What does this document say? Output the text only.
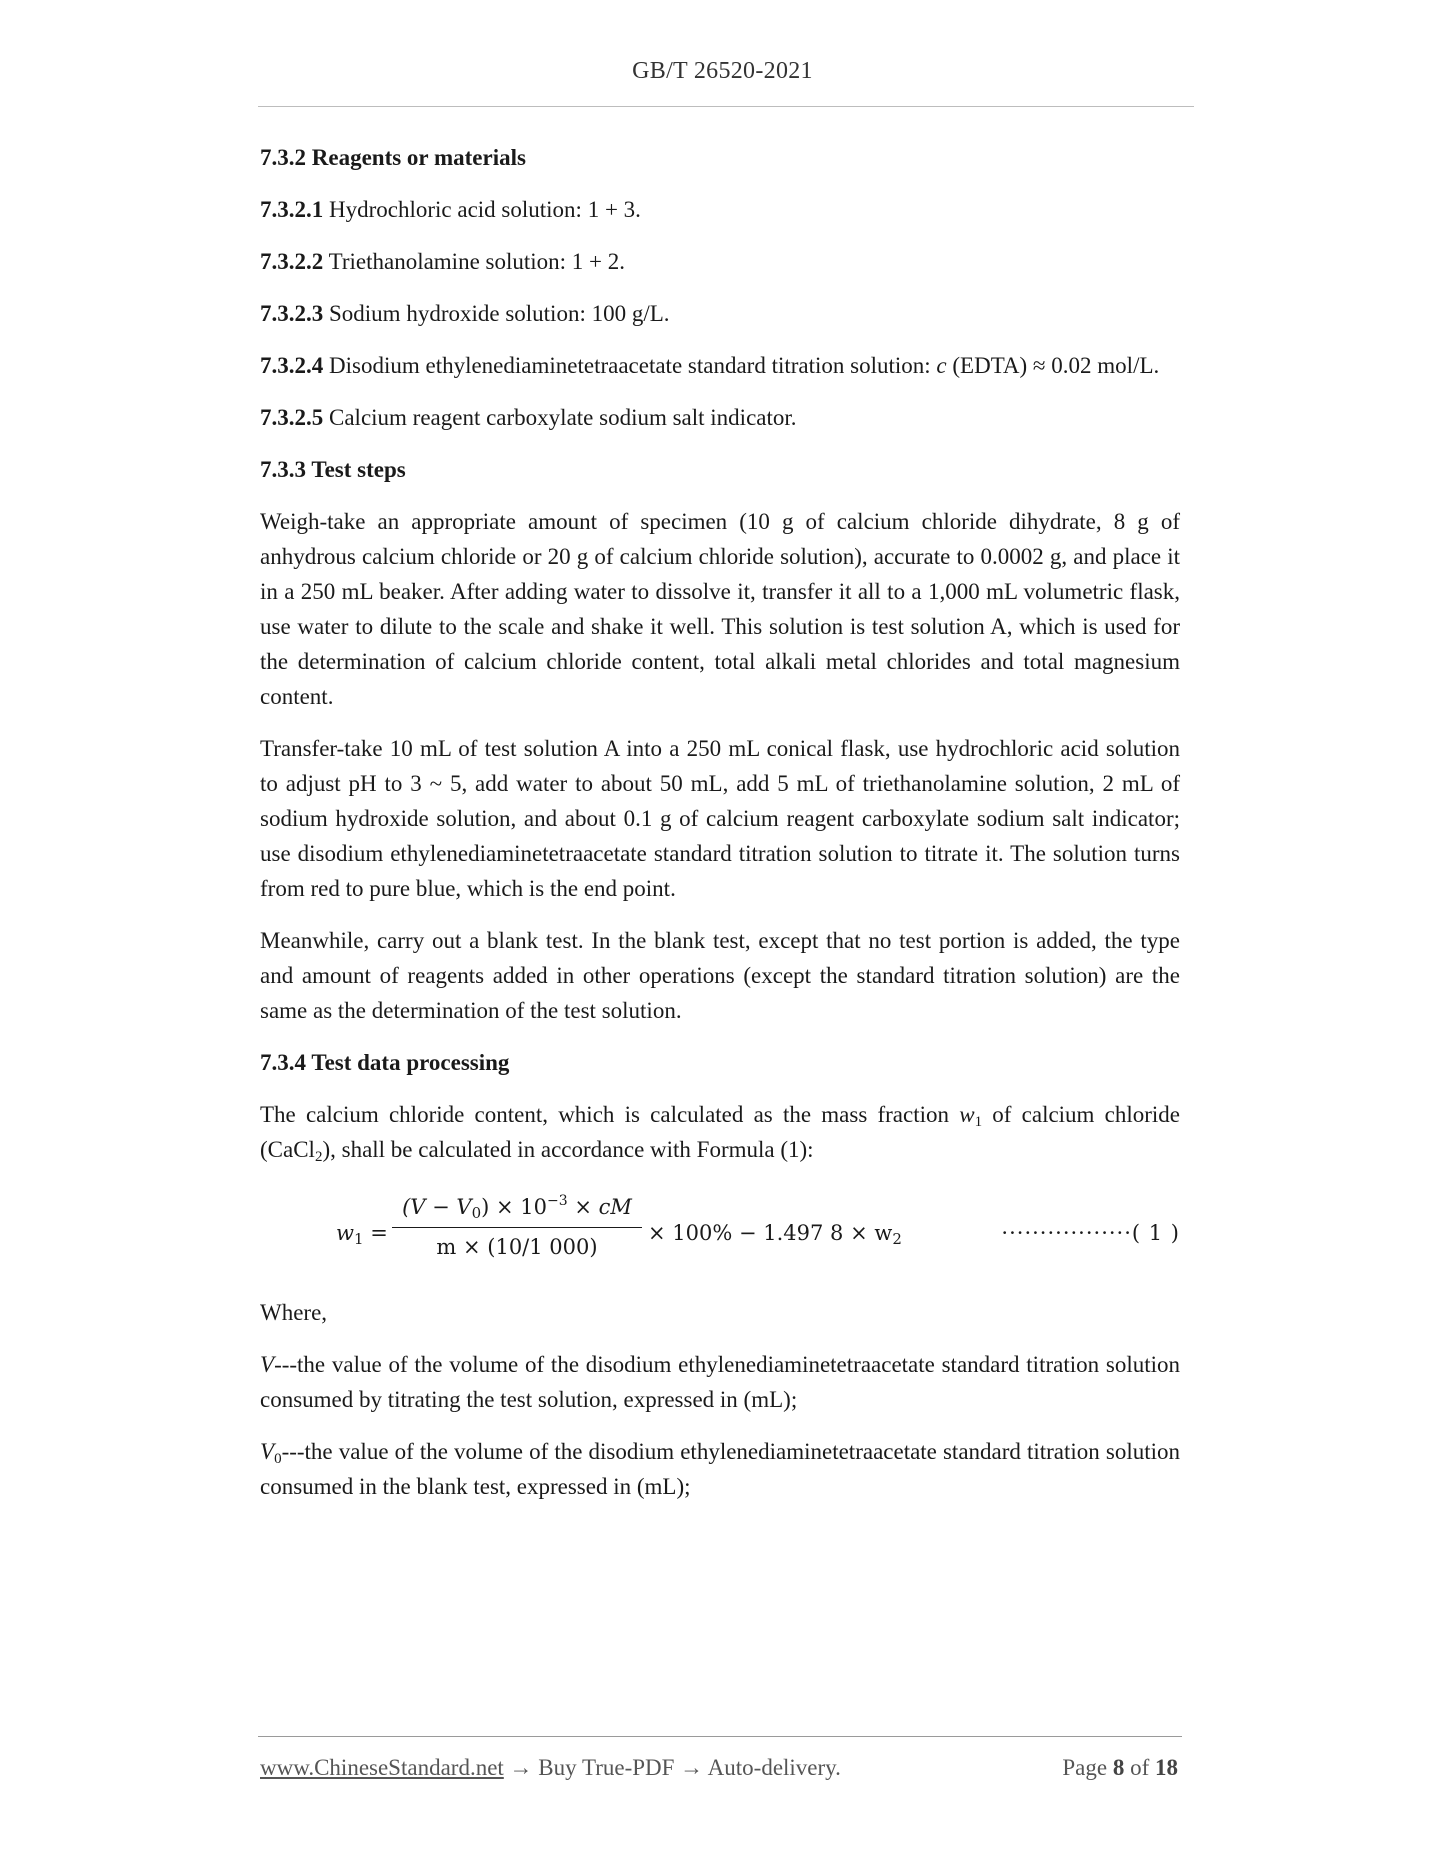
GB/T 26520-2021

7.3.2 Reagents or materials

7.3.2.1 Hydrochloric acid solution: 1 + 3.

7.3.2.2 Triethanolamine solution: 1 + 2.

7.3.2.3 Sodium hydroxide solution: 100 g/L.

7.3.2.4 Disodium ethylenediaminetetraacetate standard titration solution: c (EDTA) ≈ 0.02 mol/L.

7.3.2.5 Calcium reagent carboxylate sodium salt indicator.

7.3.3 Test steps

Weigh-take an appropriate amount of specimen (10 g of calcium chloride dihydrate, 8 g of anhydrous calcium chloride or 20 g of calcium chloride solution), accurate to 0.0002 g, and place it in a 250 mL beaker. After adding water to dissolve it, transfer it all to a 1,000 mL volumetric flask, use water to dilute to the scale and shake it well. This solution is test solution A, which is used for the determination of calcium chloride content, total alkali metal chlorides and total magnesium content.

Transfer-take 10 mL of test solution A into a 250 mL conical flask, use hydrochloric acid solution to adjust pH to 3 ~ 5, add water to about 50 mL, add 5 mL of triethanolamine solution, 2 mL of sodium hydroxide solution, and about 0.1 g of calcium reagent carboxylate sodium salt indicator; use disodium ethylenediaminetetraacetate standard titration solution to titrate it. The solution turns from red to pure blue, which is the end point.

Meanwhile, carry out a blank test. In the blank test, except that no test portion is added, the type and amount of reagents added in other operations (except the standard titration solution) are the same as the determination of the test solution.

7.3.4 Test data processing

The calcium chloride content, which is calculated as the mass fraction $w_1$ of calcium chloride (CaCl$_2$), shall be calculated in accordance with Formula (1):

$w_1$ =
$(V - V_0) \times 10^{-3}$ × cM
m × (10/1 000)
× 100% − 1.497 $8 \times w_2$	·················( 1 )

Where,

V---the value of the volume of the disodium ethylenediaminetetraacetate standard titration solution consumed by titrating the test solution, expressed in (mL);

$V_0--$-the value of the volume of the disodium ethylenediaminetetraacetate standard titration solution consumed in the blank test, expressed in (mL);

www.ChineseStandard.net → Buy True-PDF → Auto-delivery.	Page 8 of 18
